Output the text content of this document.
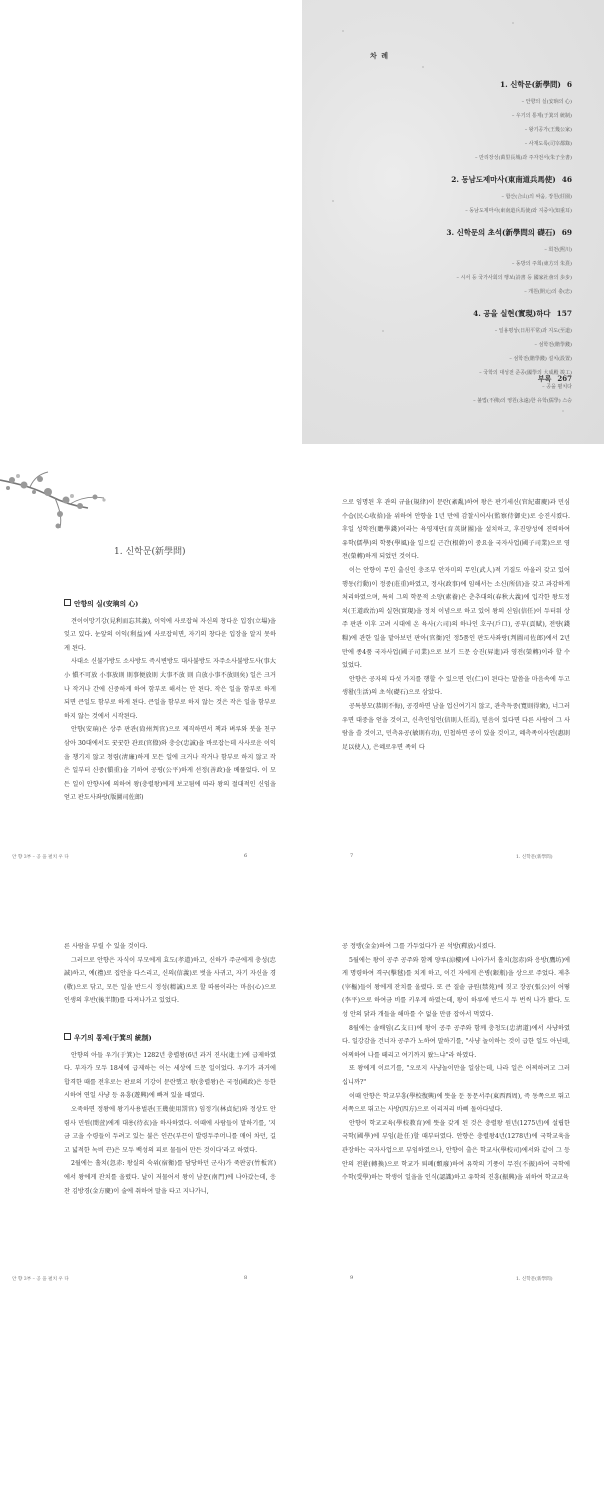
차 례
1. 신학문(新學問) 6
– 안향의 실(安珦의 心)
– 우기의 통제(于箕의 統制)
– 왕기공가(王幾公家)
– 사재도록(司宰都錄)
– 만리장성(萬里長城)과 주자전서(朱子全書)
2. 동남도제마사(東南道兵馬使) 46
– 합산(合山)의 싸움, 장원(莊園)
– 동남도제마사(東南道兵馬使)와 지중이(知重耳)
3. 신학문의 초석(新學問의 礎石) 69
– 희천(熙川)
– 동방의 주희(東方의 朱熹)
– 시서 등 국가사회의 행보(詩書 등 國家社會의 歩步)
– 개원(開元)의 충(忠)
4. 공을 실현(實現)하다 157
– 일용평상(日用平常)과 지도(至道)
– 섬학전(贍學錢)
– 섬학전(贍學錢) 설치(設置)
– 국학의 대성전 준공(國學의 大成殿 竣工)
– 공을 펼치다
– 불법(不佛)의 영원(永遠)한 유학(儒學) 스승
부록 267
1. 신학문(新學問)
안향의 실(安珦의 心)

견이이망기강(見利而忘其義), 이익에 사로잡혀 자신의 창다운 입장(立場)을 잊고 있다. 눈앞의 이익(利益)에 사로잡히면, 자기의 창다운 입장을 알지 못하게 된다.

사대소 신불가방도 소사방도 즉시변방도 대사불방도 자주소사불방도사(事大小 愼不可放 小事放則 則事便放則 大事不放 則 自放小事不放則矣) 일은 크거나 작거나 간에 신중하게 하여 함부로 해서는 안 된다. 작은 일을 함부로 하게 되면 큰일도 함부로 하게 된다. 큰일을 함부로 하지 않는 것은 작은 일을 함부로 하지 않는 것에서 시작된다.

안향(安珦)은 상주 판관(尙州判官)으로 제직하면서 책과 벼루와 붓을 친구 삼아 30대에서도 꿋꿋한 관료(官僚)와 충승(忠誠)을 바로잡는데 사사로운 이익을 챙기지 않고 청렴(淸廉)하게 모든 일에 크거나 작거나 함부로 하지 않고 작은 일부터 신중(愼重)을 기하여 공평(公平)하게 선정(善政)을 베풀었다. 이 모든 일이 안향사에 의하여 왕(충렬왕)에게 보고됨에 따라 왕의 절대적인 신임을 얻고 판도사좌랑(版圖司佐郎)

안 향 3부 – 공 을 펼치 우 다	6

으로 임명된 후 관의 규율(規律)이 문란(紊亂)하여 왕은 판기세신(官紀肅慶)과 민심수습(民心收拾)을 위하여 안향을 1년 만에 감찰시어사(監察侍御史)로 승진시켰다. 후일 성학전(贍學錢)이라는 육영재단(育英財團)을 설치하고, 후진양성에 진력하여 유학(儒學)의 학풍(學風)을 일으킬 근간(根幹)이 중요을 국자사업(國子司業)으로 영전(榮轉)하게 되었던 것이다.

이는 안향이 무인 출신인 충조부 안자미의 무인(武人)적 기질도 아울러 갖고 있어 행동(行動)이 정중(莊重)하였고, 정사(政事)에 임해서는 소신(所信)을 갖고 과감하게 처리하였으며, 특히 그의 학문적 소양(素養)은 춘추대의(春秋大義)에 입각한 왕도정치(王道政治)의 실현(實現)을 정치 이념으로 하고 있어 왕의 신임(信任)이 두터워 상주 판관 이후 고려 시대에 온 육사(六司)의 하나인 호구(戶口), 공부(貢賦), 전량(錢糧)에 관한 일을 맡아보던 판아(官衙)인 정5품인 판도사좌랑(判圖司佐郎)에서 2년 만에 종4품 국자사업(國子司業)으로 보기 드문 승진(昇進)과 영전(榮轉)이라 할 수 있었다.

안향은 공자의 다섯 가지를 행할 수 있으면 인(仁)이 된다는 말씀을 마음속에 두고 생활(生活)의 초석(礎石)으로 삼았다.

공특봉모(恭則不侮), 공경하면 남을 업신여기지 않고, 관측득중(寬則得衆), 너그러우면 대중을 얻을 것이고, 신측인임언(信則人任焉), 믿음이 있다면 다른 사람이 그 사람을 쓸 것이고, 민측유공(敏則有功), 민첩하면 공이 있을 것이고, 혜측족이사인(惠則足以使人), 은혜로우면 족히 다

7	1. 신학문(新學問)

른 사람을 부릴 수 있을 것이다.

그러므로 안향은 자식이 부모에게 효도(孝道)하고, 신하가 주군에게 충성(忠誠)하고, 예(禮)로 집안을 다스리고, 신의(信義)로 벗을 사귀고, 자기 자신을 경(敬)으로 닦고, 모든 일을 반드시 정성(精誠)으로 할 따름이라는 마음(心)으로 인생의 후반(後半期)를 다져나가고 있었다.

우기의 통제(于箕의 統制)

안향의 아들 우기(于箕)는 1282년 충렬왕(6년 과거 진사(進士)에 급제하였다. 부자가 모두 18세에 급제하는 이는 세상에 드문 일이었다. 우기가 과거에 합격한 때를 전후로는 판료의 기강이 문란했고 왕(충렬왕)은 국정(國政)은 등한시하여 연일 사냥 등 유흥(遊興)에 빠져 있을 때였다.

오죽하면 정왕에 왕기사용벌관(王幾使用罰官) 임정기(林貞紀)와 정상도 안렴사 민원(閔萱)에게 대용(待衣)을 하사하였다. 이때에 사람들이 말하기를, '지금 고을 수령들이 두려고 있는 불은 인끈(부끈이 발령두주머니를 매어 차던, 길고 넓적한 녹비 끈)은 모두 백성의 피로 물들어 만든 것이다'라고 하였다.

2월에는 홀치(忽赤: 왕실의 숙위(宿衛)를 담당하던 군사)가 죽판궁(竹板宮)에서 왕에게 잔치를 올렸다. 날이 저물어서 왕이 남문(南門)에 나아갔는데, 응찬 김방경(金方慶)이 술에 취하여 말을 타고 지나가니,

안 향 3부 – 공 을 펼치 우 다	8

공 정탱(金金)하여 그를 가두었다가 곧 석방(釋放)시켰다.

5월에는 왕이 공주 공주와 함께 양루(涼樓)에 나아가서 홀치(忽赤)와 응방(鷹坊)에게 명령하여 격구(擊毬)를 치게 하고, 이긴 자에게 은병(銀瓶)을 상으로 주었다. 제추(宰樞)들이 왕에게 잔치를 올렸다. 또 큰 질솥 금원(禁苑)에 짓고 장공(張公)이 어떻(李平)으로 하여금 비를 키우게 하였는데, 왕이 하루에 반드시 두 번씩 나가 봤다. 도성 안의 닭과 개들을 해마를 수 없을 만큼 잡아서 먹였다.

8월에는 솔배임(乙支日)에 왕이 공주 공주와 함께 충청도(忠淸道)에서 사냥하였다. 일강감을 건너자 공주가 노하여 말하기를, "사냥 놀이하는 것이 급한 일도 아닌데, 어찌하여 나를 떼리고 여기까지 왔느냐"라 하였다.

또 왕에게 이르기를, "오로지 사냥놀이만을 일삼는데, 나라 일은 어찌하려고 그러십니까?"

이때 안향은 학교부흥(學校復興)에 뜻을 둔 동문서주(東西西周), 즉 동쪽으로 뛰고 서쪽으로 뛰고는 사방(四方)으로 이리저리 바삐 돌아다녔다.

안향이 학교교육(學校教育)에 뜻을 갖게 된 것은 충렬왕 원년(1275년)에 설립한 국학(國學)에 부임(赴任)할 때부터였다. 안향은 충렬왕4년(1278년)에 국학교육을 관장하는 국자사업으로 부임하였으나, 안향이 출은 학교사(學校司)에서와 같이 그 등안의 전환(轉換)으로 학교가 퇴폐(頹廢)하여 유학의 기풍이 무진(不振)하여 국학에 수학(受學)하는 학생이 일을을 인식(認識)하고 유학의 진흥(振興)을 위하여 학교교육

9	1. 신학문(新學問)
